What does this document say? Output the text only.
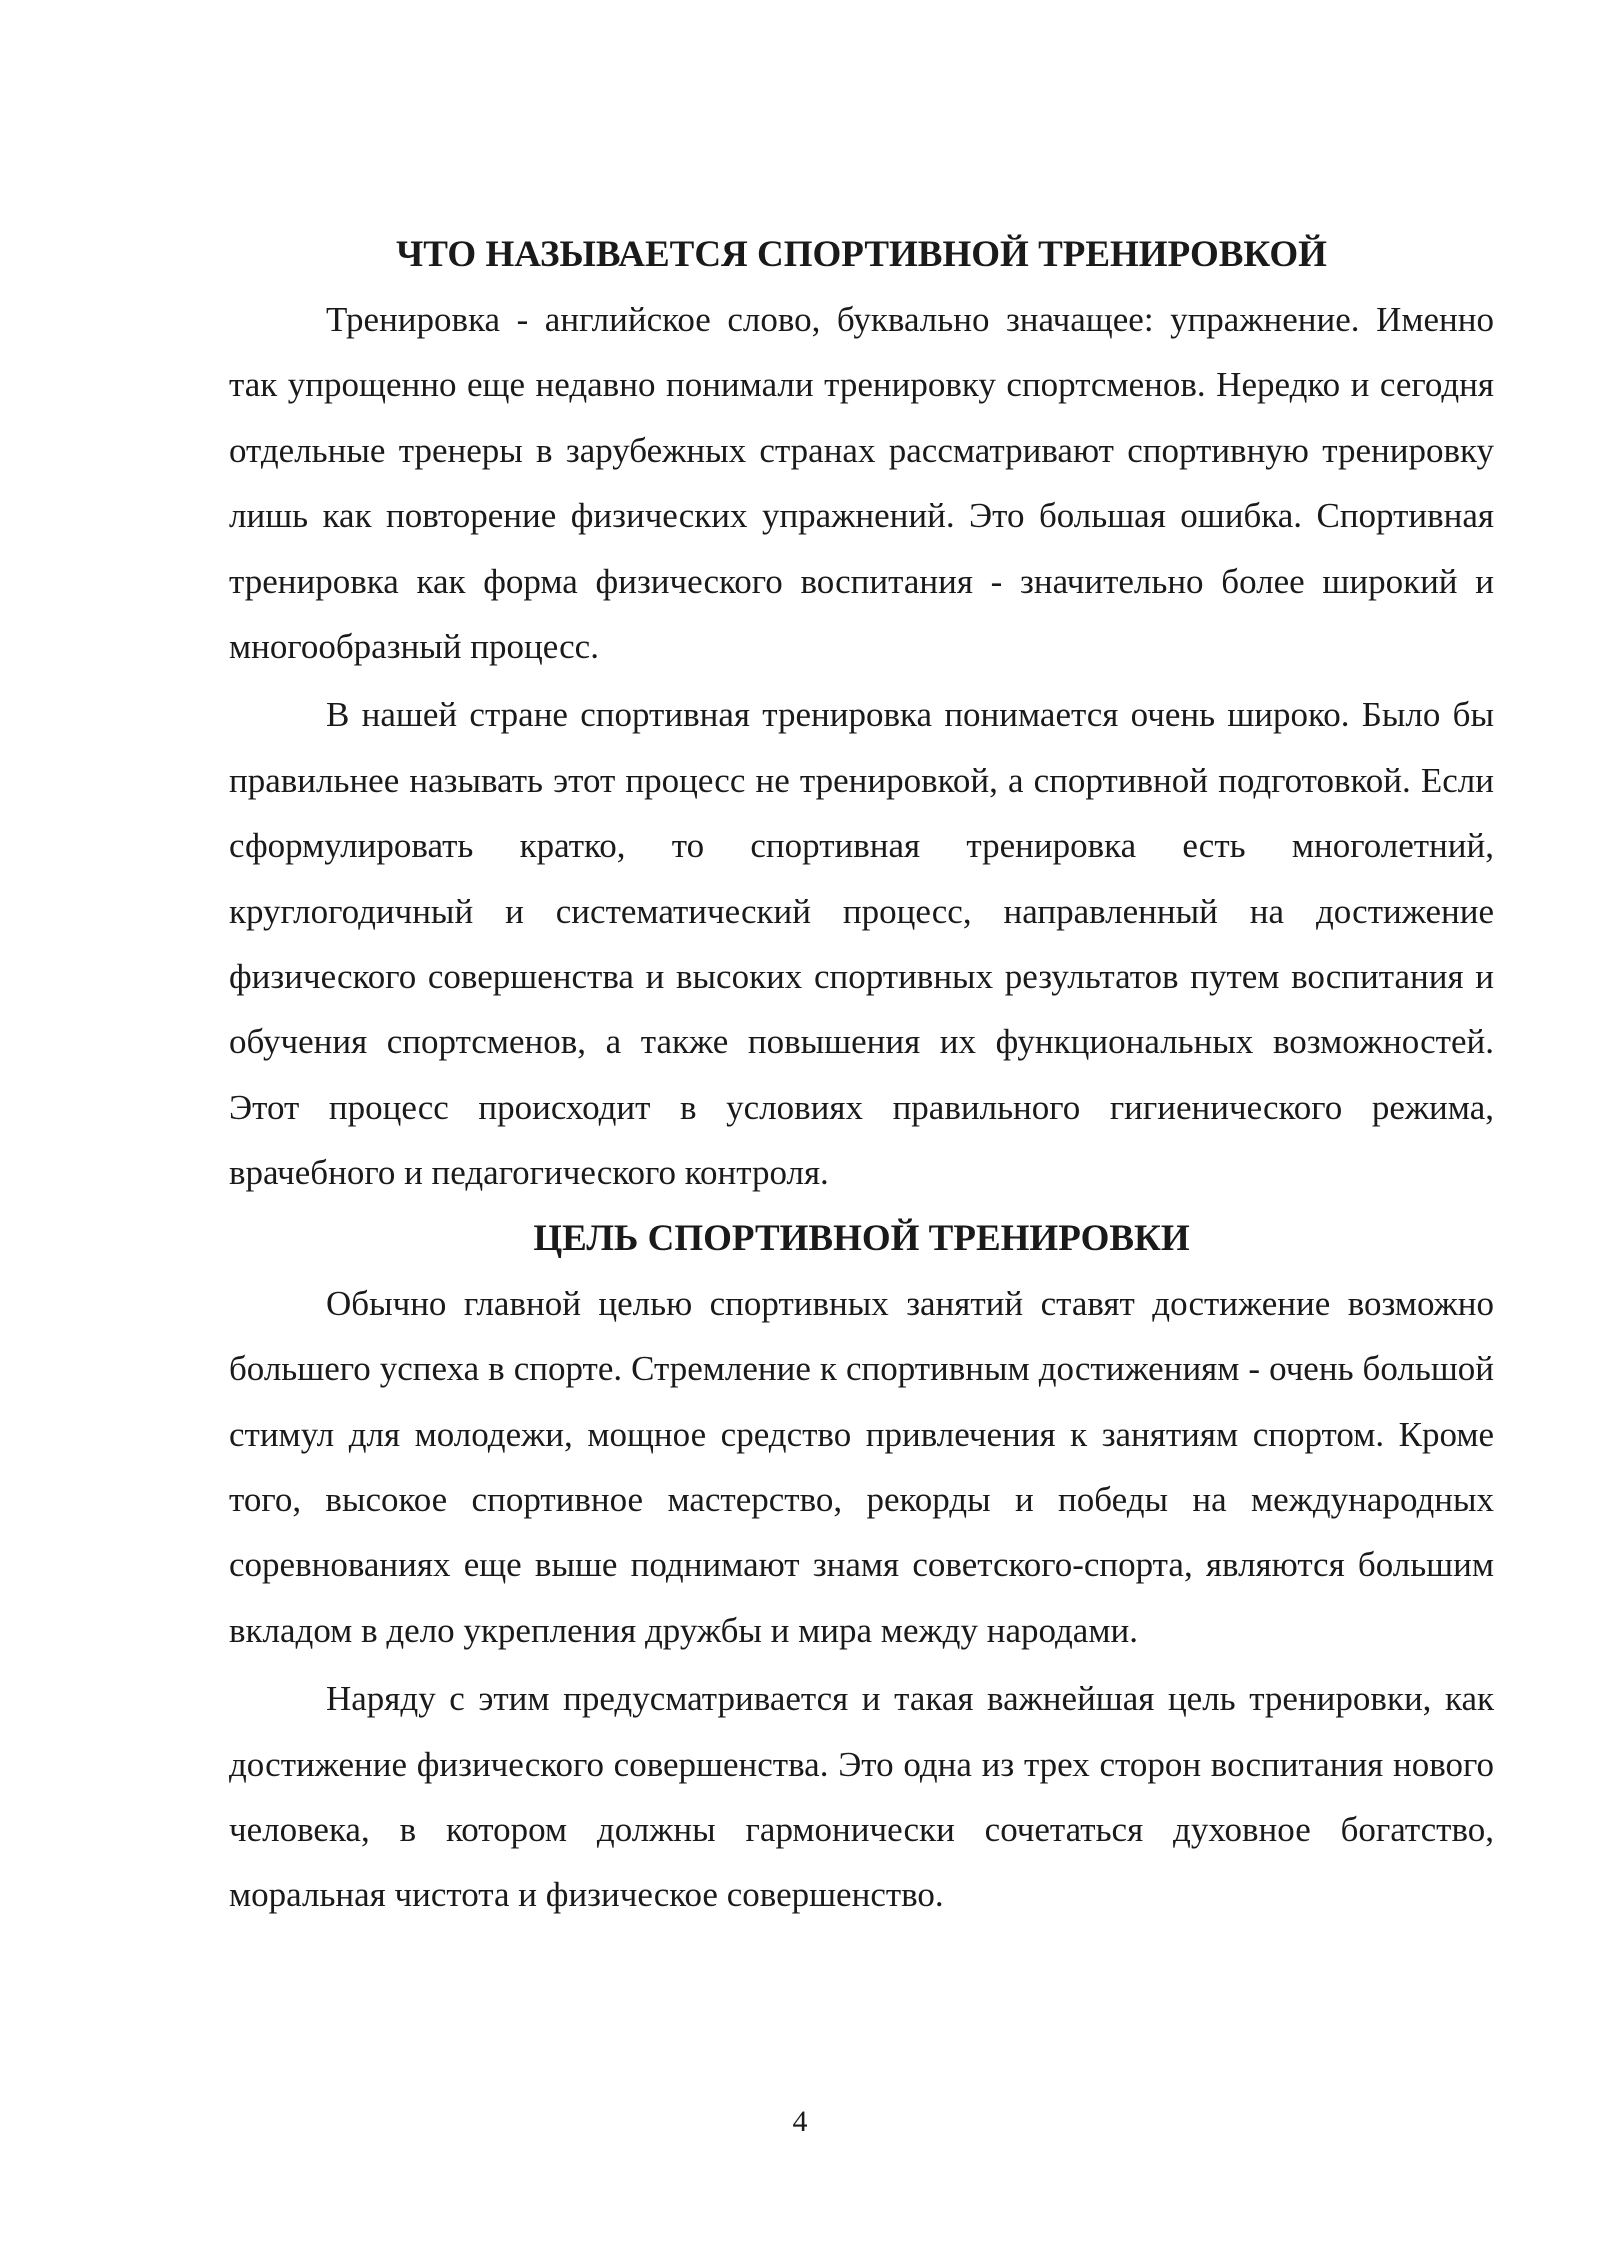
ЧТО НАЗЫВАЕТСЯ СПОРТИВНОЙ ТРЕНИРОВКОЙ

Тренировка - английское слово, буквально значащее: упражнение. Именно так упрощенно еще недавно понимали тренировку спортсменов. Нередко и сегодня отдельные тренеры в зарубежных странах рассматривают спортивную тренировку лишь как повторение физических упражнений. Это большая ошибка. Спортивная тренировка как форма физического воспитания - значительно более широкий и многообразный процесс.

В нашей стране спортивная тренировка понимается очень широко. Было бы правильнее называть этот процесс не тренировкой, а спортивной подготовкой. Если сформулировать кратко, то спортивная тренировка есть многолетний, круглогодичный и систематический процесс, направленный на достижение физического совершенства и высоких спортивных результатов путем воспитания и обучения спортсменов, а также повышения их функциональных возможностей. Этот процесс происходит в условиях правильного гигиенического режима, врачебного и педагогического контроля.

ЦЕЛЬ СПОРТИВНОЙ ТРЕНИРОВКИ

Обычно главной целью спортивных занятий ставят достижение возможно большего успеха в спорте. Стремление к спортивным достижениям - очень большой стимул для молодежи, мощное средство привлечения к занятиям спортом. Кроме того, высокое спортивное мастерство, рекорды и победы на международных соревнованиях еще выше поднимают знамя советского-спорта, являются большим вкладом в дело укрепления дружбы и мира между народами.

Наряду с этим предусматривается и такая важнейшая цель тренировки, как достижение физического совершенства. Это одна из трех сторон воспитания нового человека, в котором должны гармонически сочетаться духовное богатство, моральная чистота и физическое совершенство.

4
